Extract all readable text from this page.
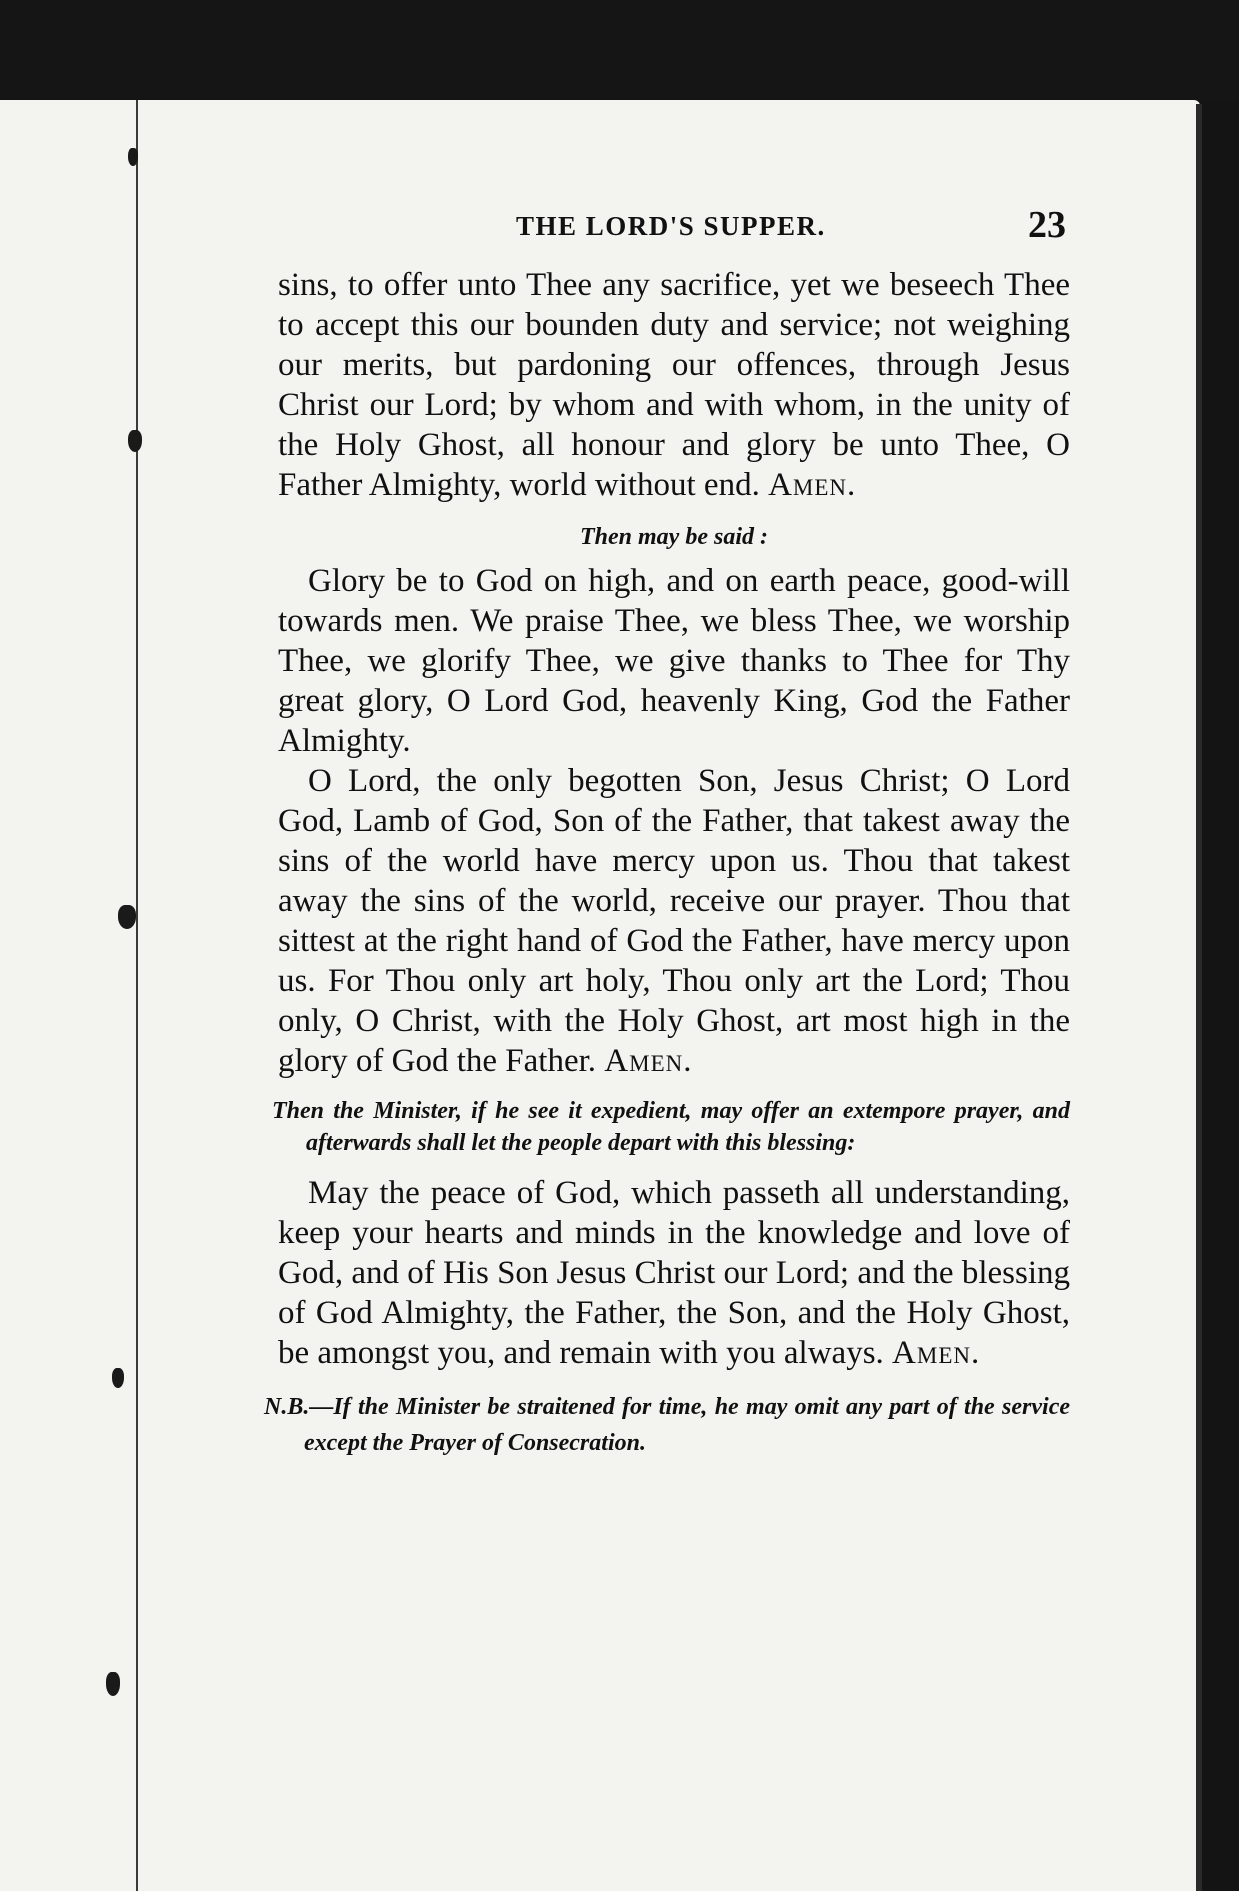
THE LORD'S SUPPER.	23

sins, to offer unto Thee any sacrifice, yet we beseech Thee to accept this our bounden duty and service; not weighing our merits, but pardoning our offences, through Jesus Christ our Lord; by whom and with whom, in the unity of the Holy Ghost, all honour and glory be unto Thee, O Father Almighty, world without end. Amen.

Then may be said :

Glory be to God on high, and on earth peace, good-will towards men. We praise Thee, we bless Thee, we worship Thee, we glorify Thee, we give thanks to Thee for Thy great glory, O Lord God, heavenly King, God the Father Almighty.

O Lord, the only begotten Son, Jesus Christ; O Lord God, Lamb of God, Son of the Father, that takest away the sins of the world have mercy upon us. Thou that takest away the sins of the world, receive our prayer. Thou that sittest at the right hand of God the Father, have mercy upon us. For Thou only art holy, Thou only art the Lord; Thou only, O Christ, with the Holy Ghost, art most high in the glory of God the Father. Amen.

Then the Minister, if he see it expedient, may offer an extempore prayer, and afterwards shall let the people depart with this blessing:

May the peace of God, which passeth all understanding, keep your hearts and minds in the knowledge and love of God, and of His Son Jesus Christ our Lord; and the blessing of God Almighty, the Father, the Son, and the Holy Ghost, be amongst you, and remain with you always. Amen.

N.B.—If the Minister be straitened for time, he may omit any part of the service except the Prayer of Consecration.
